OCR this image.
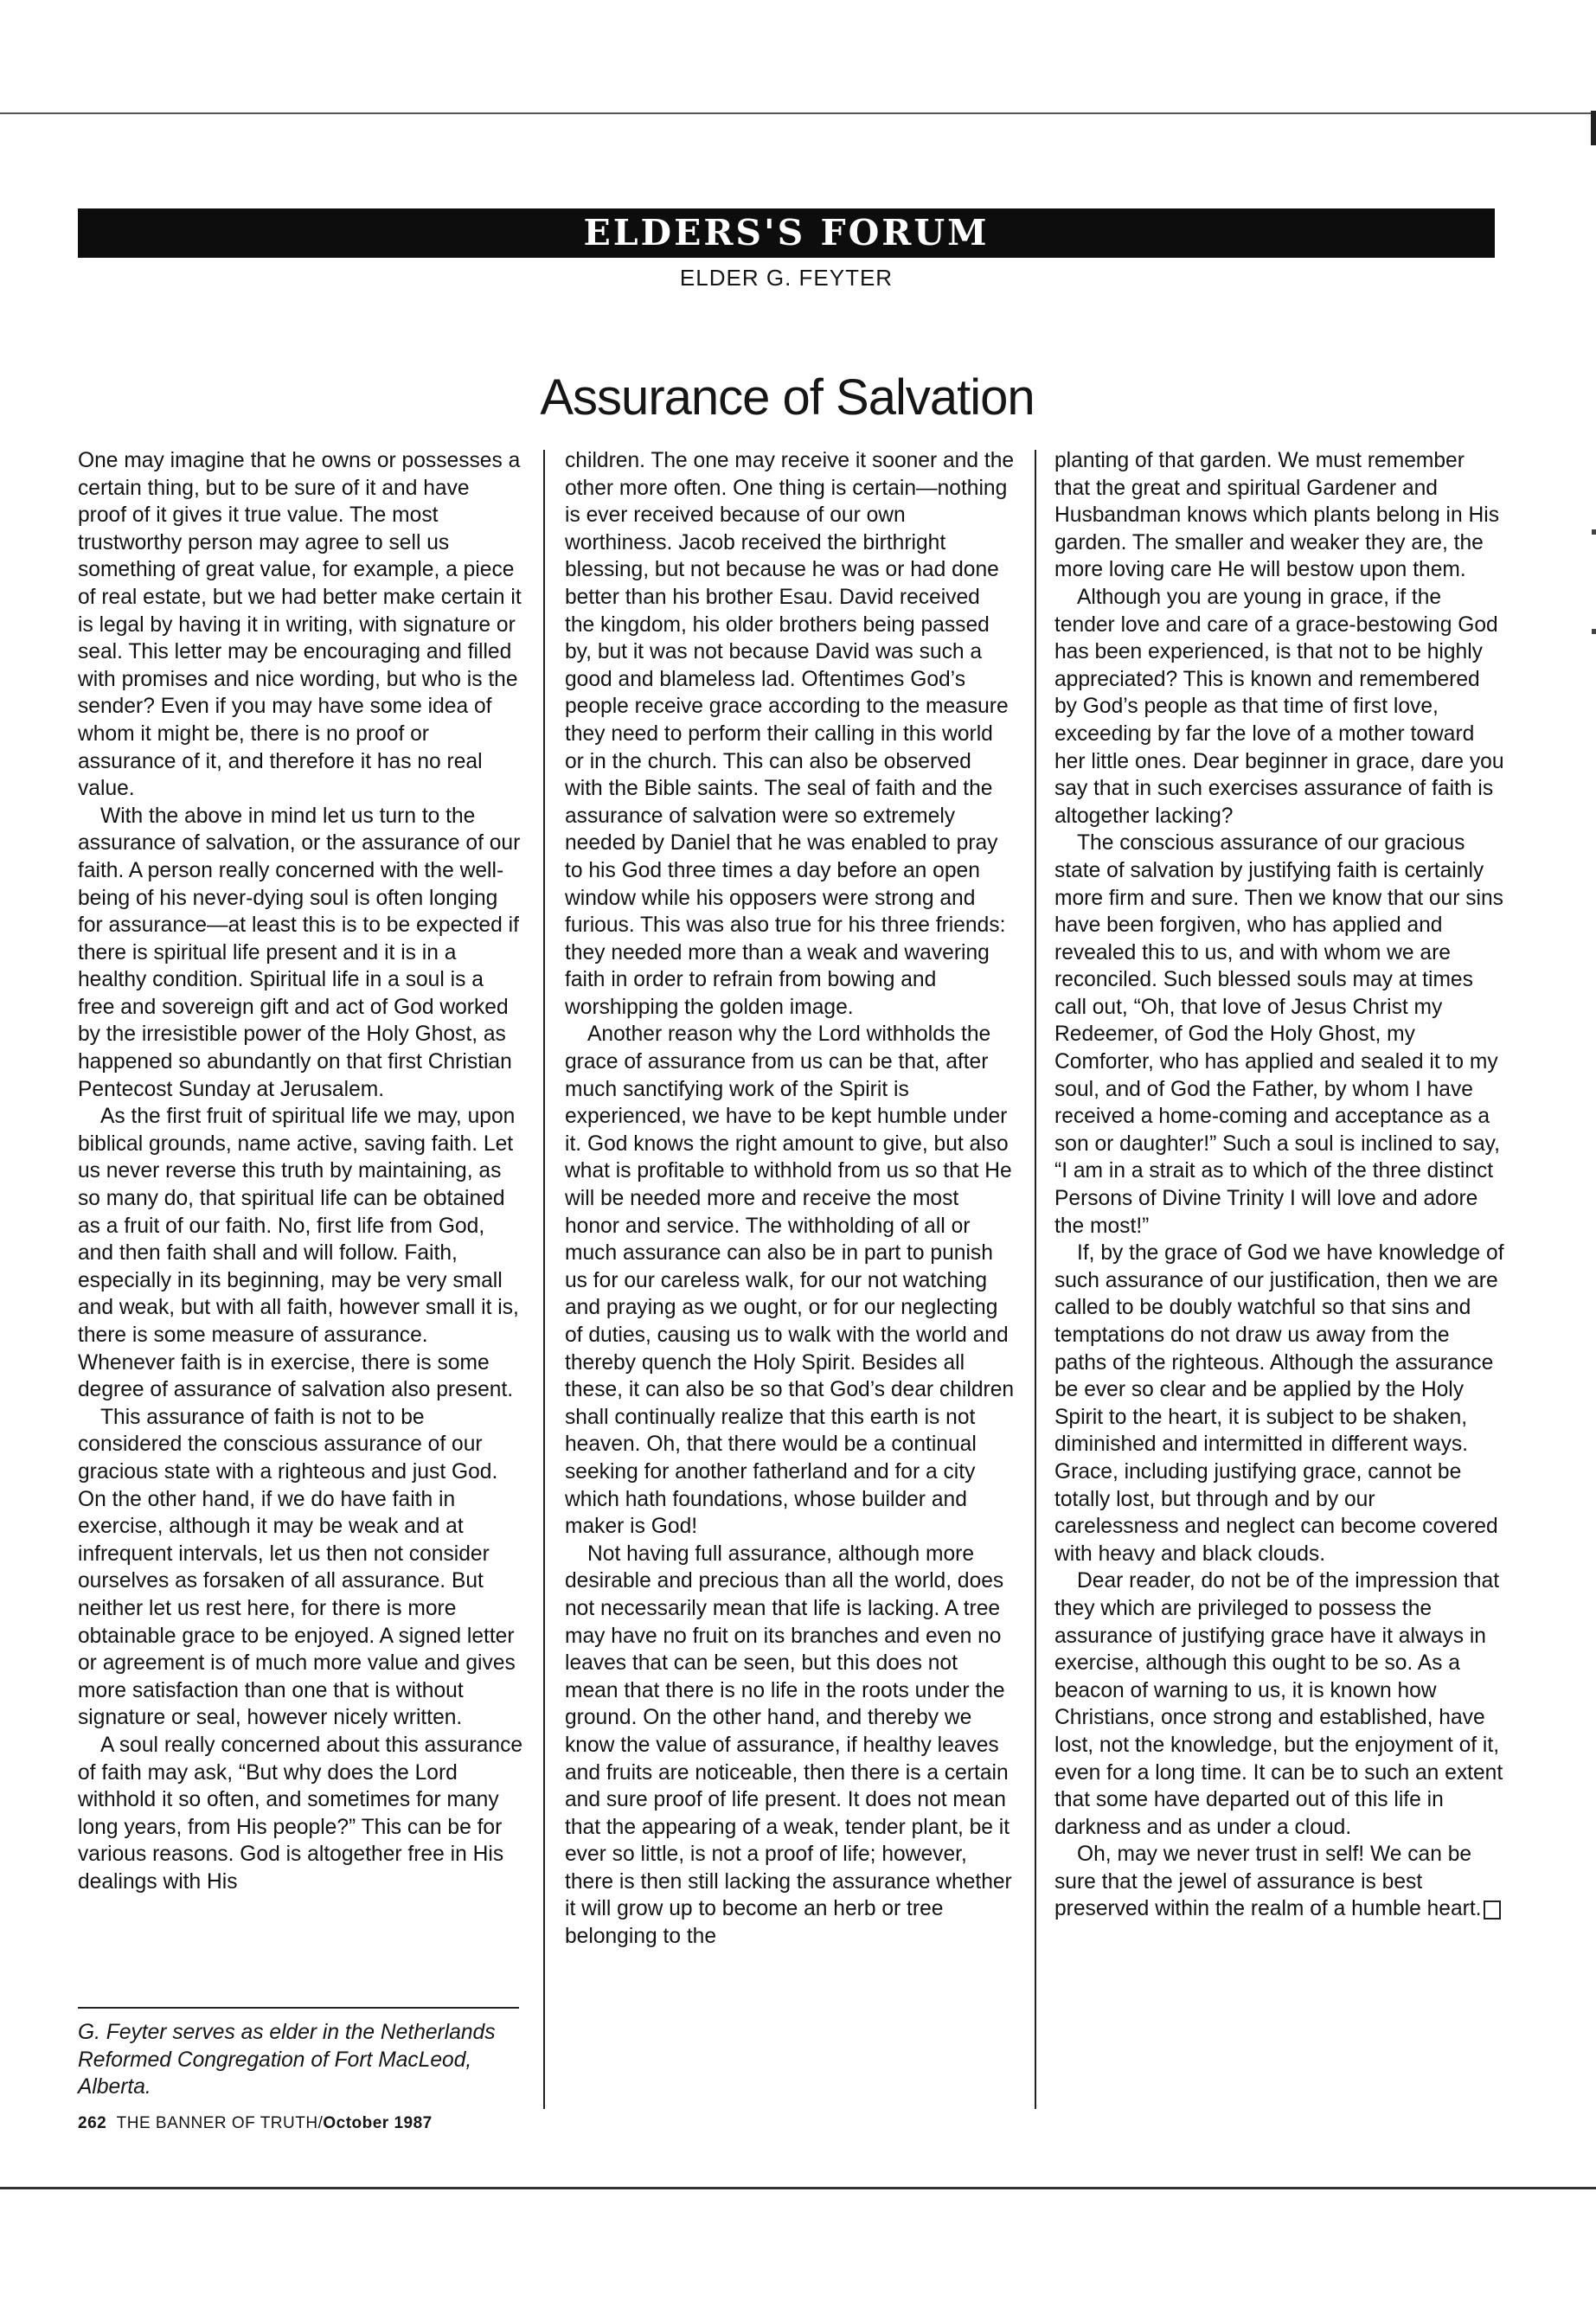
ELDERS'S FORUM
ELDER G. FEYTER
Assurance of Salvation

One may imagine that he owns or possesses a certain thing, but to be sure of it and have proof of it gives it true value. The most trustworthy person may agree to sell us something of great value, for example, a piece of real estate, but we had better make certain it is legal by having it in writing, with signature or seal. This letter may be encouraging and filled with promises and nice wording, but who is the sender? Even if you may have some idea of whom it might be, there is no proof or assurance of it, and therefore it has no real value.

With the above in mind let us turn to the assurance of salvation, or the assurance of our faith. A person really concerned with the well-being of his never-dying soul is often longing for assurance—at least this is to be expected if there is spiritual life present and it is in a healthy condition. Spiritual life in a soul is a free and sovereign gift and act of God worked by the irresistible power of the Holy Ghost, as happened so abundantly on that first Christian Pentecost Sunday at Jerusalem.

As the first fruit of spiritual life we may, upon biblical grounds, name active, saving faith. Let us never reverse this truth by maintaining, as so many do, that spiritual life can be obtained as a fruit of our faith. No, first life from God, and then faith shall and will follow. Faith, especially in its beginning, may be very small and weak, but with all faith, however small it is, there is some measure of assurance. Whenever faith is in exercise, there is some degree of assurance of salvation also present.

This assurance of faith is not to be considered the conscious assurance of our gracious state with a righteous and just God. On the other hand, if we do have faith in exercise, although it may be weak and at infrequent intervals, let us then not consider ourselves as forsaken of all assurance. But neither let us rest here, for there is more obtainable grace to be enjoyed. A signed letter or agreement is of much more value and gives more satisfaction than one that is without signature or seal, however nicely written.

A soul really concerned about this assurance of faith may ask, “But why does the Lord withhold it so often, and sometimes for many long years, from His people?” This can be for various reasons. God is altogether free in His dealings with His

children. The one may receive it sooner and the other more often. One thing is certain—nothing is ever received because of our own worthiness. Jacob received the birthright blessing, but not because he was or had done better than his brother Esau. David received the kingdom, his older brothers being passed by, but it was not because David was such a good and blameless lad. Oftentimes God’s people receive grace according to the measure they need to perform their calling in this world or in the church. This can also be observed with the Bible saints. The seal of faith and the assurance of salvation were so extremely needed by Daniel that he was enabled to pray to his God three times a day before an open window while his opposers were strong and furious. This was also true for his three friends: they needed more than a weak and wavering faith in order to refrain from bowing and worshipping the golden image.

Another reason why the Lord withholds the grace of assurance from us can be that, after much sanctifying work of the Spirit is experienced, we have to be kept humble under it. God knows the right amount to give, but also what is profitable to withhold from us so that He will be needed more and receive the most honor and service. The withholding of all or much assurance can also be in part to punish us for our careless walk, for our not watching and praying as we ought, or for our neglecting of duties, causing us to walk with the world and thereby quench the Holy Spirit. Besides all these, it can also be so that God’s dear children shall continually realize that this earth is not heaven. Oh, that there would be a continual seeking for another fatherland and for a city which hath foundations, whose builder and maker is God!

Not having full assurance, although more desirable and precious than all the world, does not necessarily mean that life is lacking. A tree may have no fruit on its branches and even no leaves that can be seen, but this does not mean that there is no life in the roots under the ground. On the other hand, and thereby we know the value of assurance, if healthy leaves and fruits are noticeable, then there is a certain and sure proof of life present. It does not mean that the appearing of a weak, tender plant, be it ever so little, is not a proof of life; however, there is then still lacking the assurance whether it will grow up to become an herb or tree belonging to the

planting of that garden. We must remember that the great and spiritual Gardener and Husbandman knows which plants belong in His garden. The smaller and weaker they are, the more loving care He will bestow upon them.

Although you are young in grace, if the tender love and care of a grace-bestowing God has been experienced, is that not to be highly appreciated? This is known and remembered by God’s people as that time of first love, exceeding by far the love of a mother toward her little ones. Dear beginner in grace, dare you say that in such exercises assurance of faith is altogether lacking?

The conscious assurance of our gracious state of salvation by justifying faith is certainly more firm and sure. Then we know that our sins have been forgiven, who has applied and revealed this to us, and with whom we are reconciled. Such blessed souls may at times call out, “Oh, that love of Jesus Christ my Redeemer, of God the Holy Ghost, my Comforter, who has applied and sealed it to my soul, and of God the Father, by whom I have received a home-coming and acceptance as a son or daughter!” Such a soul is inclined to say, “I am in a strait as to which of the three distinct Persons of Divine Trinity I will love and adore the most!”

If, by the grace of God we have knowledge of such assurance of our justification, then we are called to be doubly watchful so that sins and temptations do not draw us away from the paths of the righteous. Although the assurance be ever so clear and be applied by the Holy Spirit to the heart, it is subject to be shaken, diminished and intermitted in different ways. Grace, including justifying grace, cannot be totally lost, but through and by our carelessness and neglect can become covered with heavy and black clouds.

Dear reader, do not be of the impression that they which are privileged to possess the assurance of justifying grace have it always in exercise, although this ought to be so. As a beacon of warning to us, it is known how Christians, once strong and established, have lost, not the knowledge, but the enjoyment of it, even for a long time. It can be to such an extent that some have departed out of this life in darkness and as under a cloud.

Oh, may we never trust in self! We can be sure that the jewel of assurance is best preserved within the realm of a humble heart.

G. Feyter serves as elder in the Netherlands Reformed Congregation of Fort MacLeod, Alberta.
262 THE BANNER OF TRUTH/October 1987
